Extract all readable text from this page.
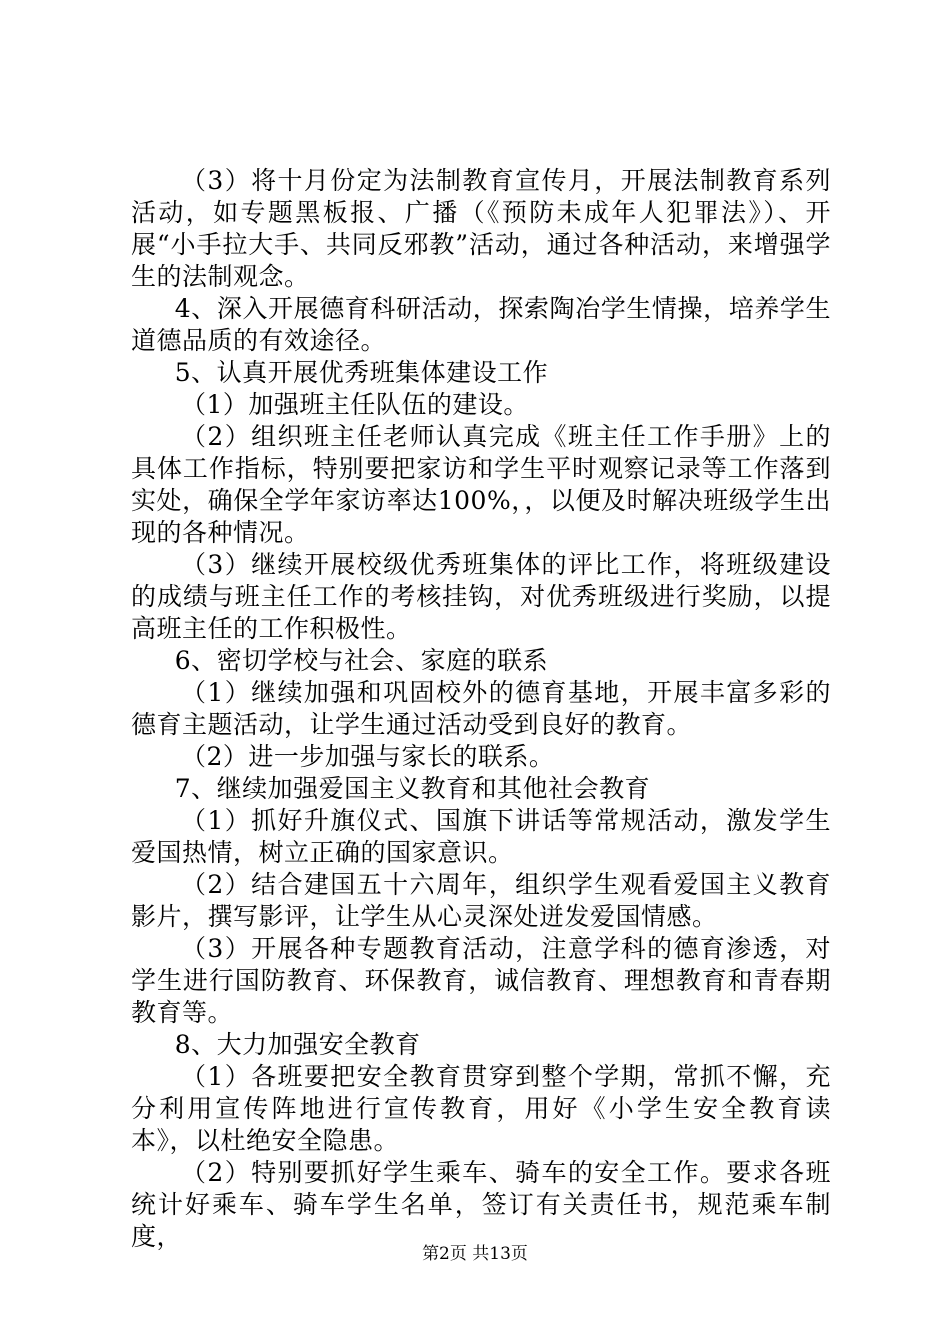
（3）将十月份定为法制教育宣传月，开展法制教育系列活动，如专题黑板报、广播（《预防未成年人犯罪法》）、开展“小手拉大手、共同反邪教”活动，通过各种活动，来增强学生的法制观念。

4、深入开展德育科研活动，探索陶冶学生情操，培养学生道德品质的有效途径。

5、认真开展优秀班集体建设工作

（1）加强班主任队伍的建设。

（2）组织班主任老师认真完成《班主任工作手册》上的具体工作指标，特别要把家访和学生平时观察记录等工作落到实处，确保全学年家访率达100%，，以便及时解决班级学生出现的各种情况。

（3）继续开展校级优秀班集体的评比工作，将班级建设的成绩与班主任工作的考核挂钩，对优秀班级进行奖励，以提高班主任的工作积极性。

6、密切学校与社会、家庭的联系

（1）继续加强和巩固校外的德育基地，开展丰富多彩的德育主题活动，让学生通过活动受到良好的教育。

（2）进一步加强与家长的联系。

7、继续加强爱国主义教育和其他社会教育

（1）抓好升旗仪式、国旗下讲话等常规活动，激发学生爱国热情，树立正确的国家意识。

（2）结合建国五十六周年，组织学生观看爱国主义教育影片，撰写影评，让学生从心灵深处迸发爱国情感。

（3）开展各种专题教育活动，注意学科的德育渗透，对学生进行国防教育、环保教育，诚信教育、理想教育和青春期教育等。

8、大力加强安全教育

（1）各班要把安全教育贯穿到整个学期，常抓不懈，充分利用宣传阵地进行宣传教育，用好《小学生安全教育读本》，以杜绝安全隐患。

（2）特别要抓好学生乘车、骑车的安全工作。要求各班统计好乘车、骑车学生名单，签订有关责任书，规范乘车制度，

第2页 共13页
